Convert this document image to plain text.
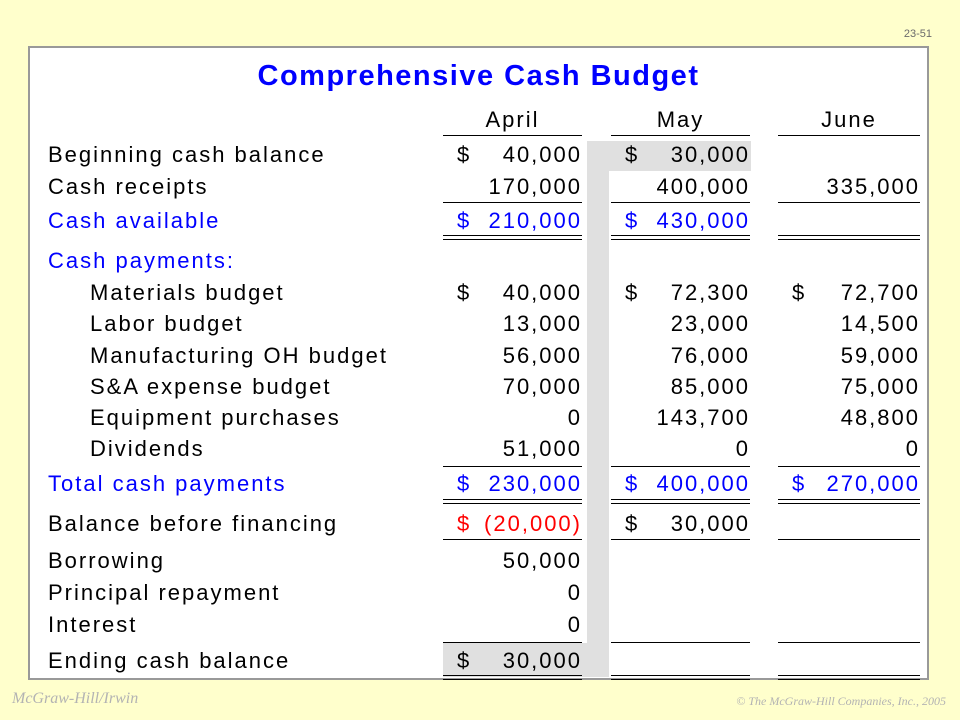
23-51
Comprehensive Cash Budget
April	May	June
Beginning cash balance	$ 40,000 $ 30,000
Cash receipts	170,000	400,000	335,000
Cash available	$ 210,000 $ 430,000
Cash payments:
Materials budget	$ 40,000 $ 72,300 $ 72,700
Labor budget	13,000	23,000	14,500
Manufacturing OH budget	56,000	76,000	59,000
S&A expense budget	70,000	85,000	75,000
Equipment purchases	0	143,700	48,800
Dividends	51,000	0	0
Total cash payments	$ 230,000 $ 400,000 $ 270,000
Balance before financing	$ (20,000) $ 30,000
Borrowing	50,000
Principal repayment	0
Interest	0
Ending cash balance	$ 30,000
McGraw-Hill/Irwin	© The McGraw-Hill Companies, Inc., 2005
